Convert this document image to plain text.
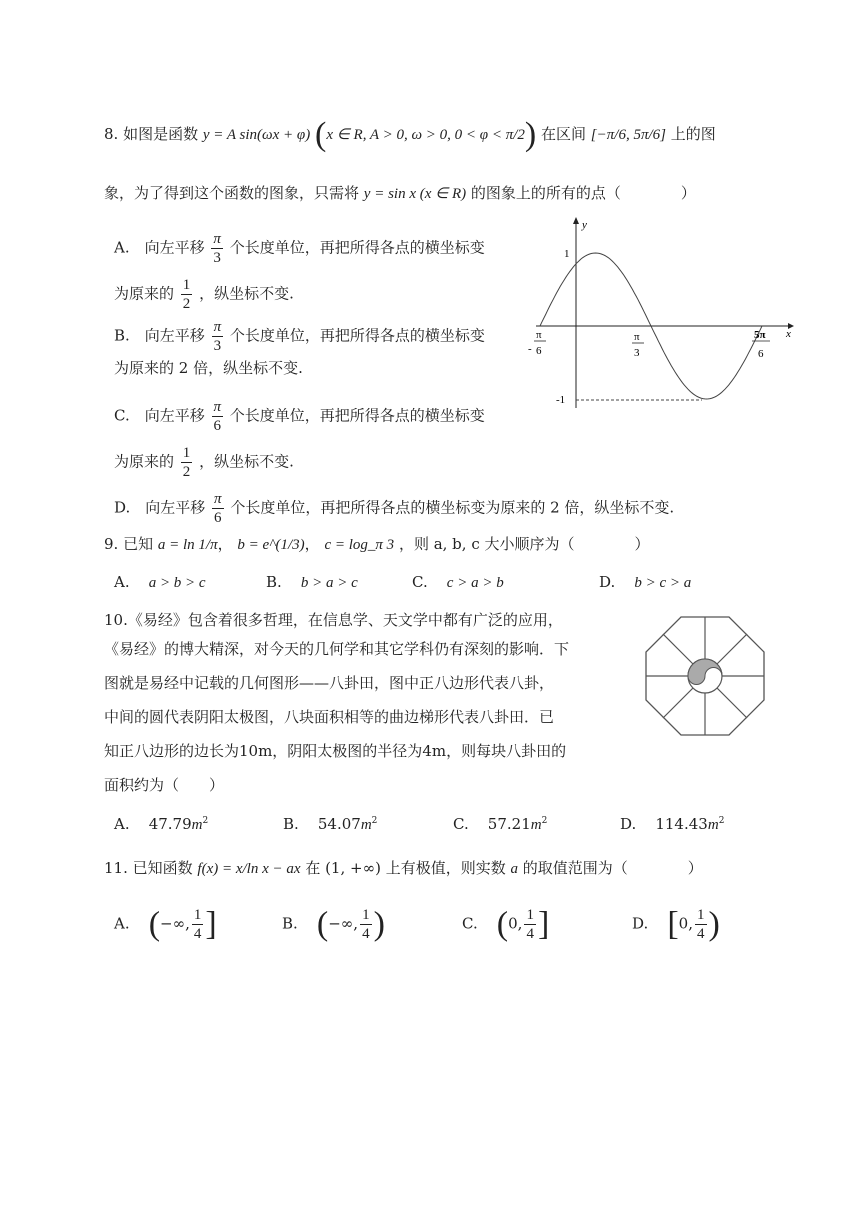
8. 如图是函数 y = A sin(ωx + φ) (x ∈ R, A > 0, ω > 0, 0 < φ < π/2) 在区间 [−π/6, 5π/6] 上的图
象，为了得到这个函数的图象，只需将 y = sin x (x ∈ R) 的图象上的所有的点（　　　　）
A.　向左平移 $\frac{\pi}{3}$ 个长度单位，再把所得各点的横坐标变
为原来的 $\frac{1}{2}$ ，纵坐标不变.
B.　向左平移 $\frac{\pi}{3}$ 个长度单位，再把所得各点的横坐标变
为原来的 2 倍，纵坐标不变.
C.　向左平移 $\frac{\pi}{6}$ 个长度单位，再把所得各点的横坐标变
为原来的 $\frac{1}{2}$ ，纵坐标不变.
D.　向左平移 $\frac{\pi}{6}$ 个长度单位，再把所得各点的横坐标变为原来的 2 倍，纵坐标不变.
y
x
1
-1
π
- 6
π
3
5π
6
9. 已知 a = ln 1/π， b = e^(1/3)， c = log_π 3 ，则 a, b, c 大小顺序为（　　　　）
A. a > b > c	B. b > a > c	C. c > a > b	D. b > c > a
10.《易经》包含着很多哲理，在信息学、天文学中都有广泛的应用，
《易经》的博大精深，对今天的几何学和其它学科仍有深刻的影响．下
图就是易经中记载的几何图形——八卦田，图中正八边形代表八卦，
中间的圆代表阴阳太极图，八块面积相等的曲边梯形代表八卦田．已
知正八边形的边长为10m，阴阳太极图的半径为4m，则每块八卦田的
面积约为（　　）
A. $47.79m^2$	B. $54.07m^2$	C. $57.21m^2$	D. $114.43m^2$
11. 已知函数 f(x) = x/ln x − ax 在 (1, +∞) 上有极值，则实数 a 的取值范围为（　　　　）
A. (−∞, $\frac{1}{4}$ ]	B. (−∞, $\frac{1}{4}$ )	C. (0, $\frac{1}{4}$ ]	D. [0, $\frac{1}{4}$ )
